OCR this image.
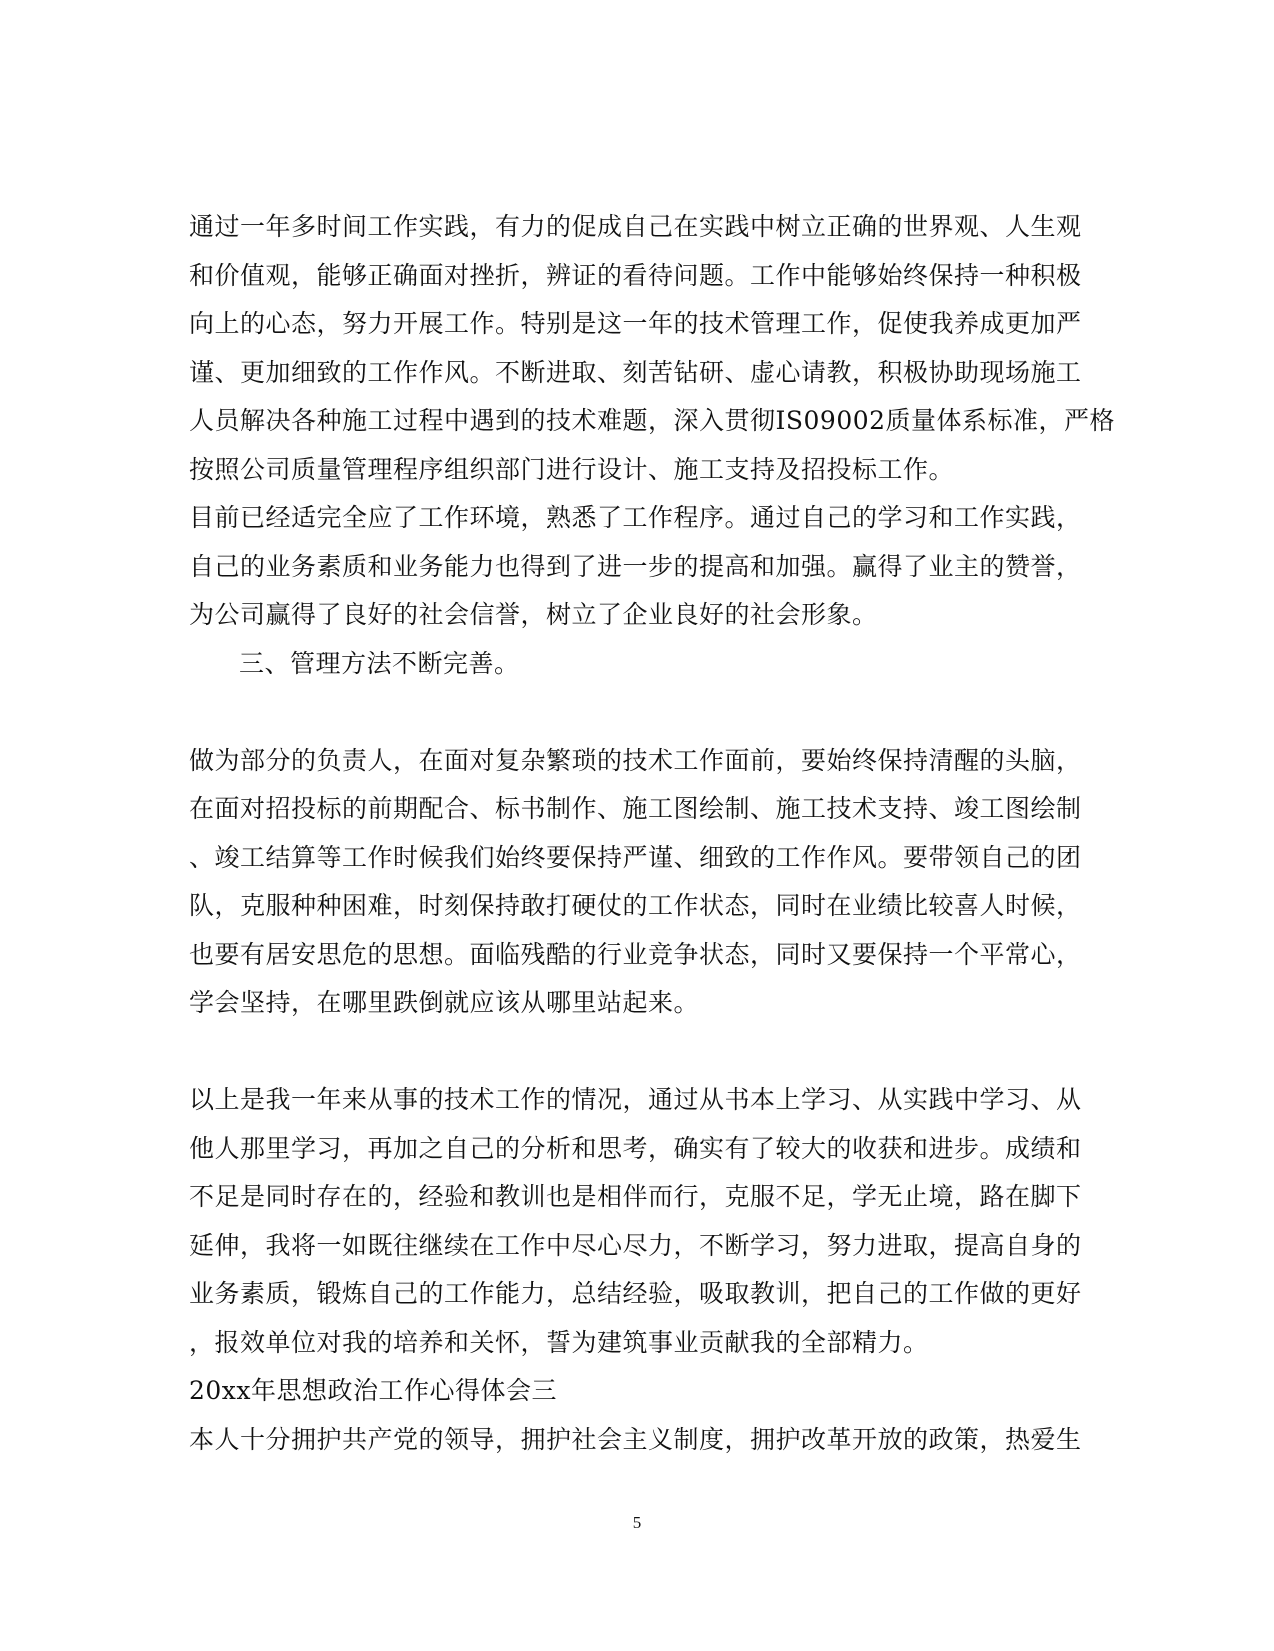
通过一年多时间工作实践，有力的促成自己在实践中树立正确的世界观、人生观
和价值观，能够正确面对挫折，辨证的看待问题。工作中能够始终保持一种积极
向上的心态，努力开展工作。特别是这一年的技术管理工作，促使我养成更加严
谨、更加细致的工作作风。不断进取、刻苦钻研、虚心请教，积极协助现场施工
人员解决各种施工过程中遇到的技术难题，深入贯彻IS09002质量体系标准，严格
按照公司质量管理程序组织部门进行设计、施工支持及招投标工作。
目前已经适完全应了工作环境，熟悉了工作程序。通过自己的学习和工作实践，
自己的业务素质和业务能力也得到了进一步的提高和加强。赢得了业主的赞誉，
为公司赢得了良好的社会信誉，树立了企业良好的社会形象。
三、管理方法不断完善。
做为部分的负责人，在面对复杂繁琐的技术工作面前，要始终保持清醒的头脑，
在面对招投标的前期配合、标书制作、施工图绘制、施工技术支持、竣工图绘制
、竣工结算等工作时候我们始终要保持严谨、细致的工作作风。要带领自己的团
队，克服种种困难，时刻保持敢打硬仗的工作状态，同时在业绩比较喜人时候，
也要有居安思危的思想。面临残酷的行业竞争状态，同时又要保持一个平常心，
学会坚持，在哪里跌倒就应该从哪里站起来。
以上是我一年来从事的技术工作的情况，通过从书本上学习、从实践中学习、从
他人那里学习，再加之自己的分析和思考，确实有了较大的收获和进步。成绩和
不足是同时存在的，经验和教训也是相伴而行，克服不足，学无止境，路在脚下
延伸，我将一如既往继续在工作中尽心尽力，不断学习，努力进取，提高自身的
业务素质，锻炼自己的工作能力，总结经验，吸取教训，把自己的工作做的更好
，报效单位对我的培养和关怀，誓为建筑事业贡献我的全部精力。
20xx年思想政治工作心得体会三
本人十分拥护共产党的领导，拥护社会主义制度，拥护改革开放的政策，热爱生
5
